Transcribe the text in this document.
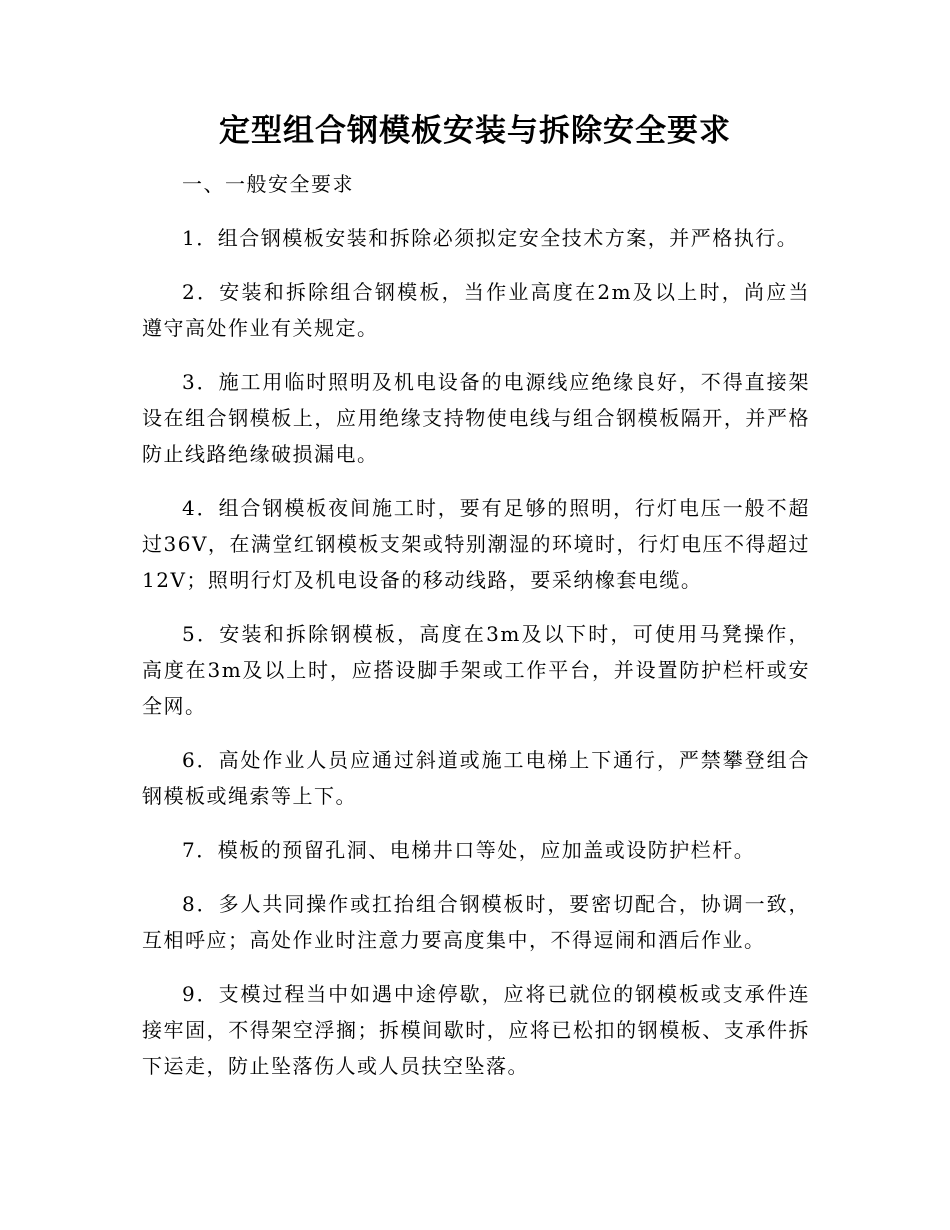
定型组合钢模板安装与拆除安全要求

一、一般安全要求

1．组合钢模板安装和拆除必须拟定安全技术方案，并严格执行。

2．安装和拆除组合钢模板，当作业高度在2m及以上时，尚应当遵守高处作业有关规定。

3．施工用临时照明及机电设备的电源线应绝缘良好，不得直接架设在组合钢模板上，应用绝缘支持物使电线与组合钢模板隔开，并严格防止线路绝缘破损漏电。

4．组合钢模板夜间施工时，要有足够的照明，行灯电压一般不超过36V，在满堂红钢模板支架或特别潮湿的环境时，行灯电压不得超过12V；照明行灯及机电设备的移动线路，要采纳橡套电缆。

5．安装和拆除钢模板，高度在3m及以下时，可使用马凳操作，高度在3m及以上时，应搭设脚手架或工作平台，并设置防护栏杆或安全网。

6．高处作业人员应通过斜道或施工电梯上下通行，严禁攀登组合钢模板或绳索等上下。

7．模板的预留孔洞、电梯井口等处，应加盖或设防护栏杆。

8．多人共同操作或扛抬组合钢模板时，要密切配合，协调一致，互相呼应；高处作业时注意力要高度集中，不得逗闹和酒后作业。

9．支模过程当中如遇中途停歇，应将已就位的钢模板或支承件连接牢固，不得架空浮搁；拆模间歇时，应将已松扣的钢模板、支承件拆下运走，防止坠落伤人或人员扶空坠落。
